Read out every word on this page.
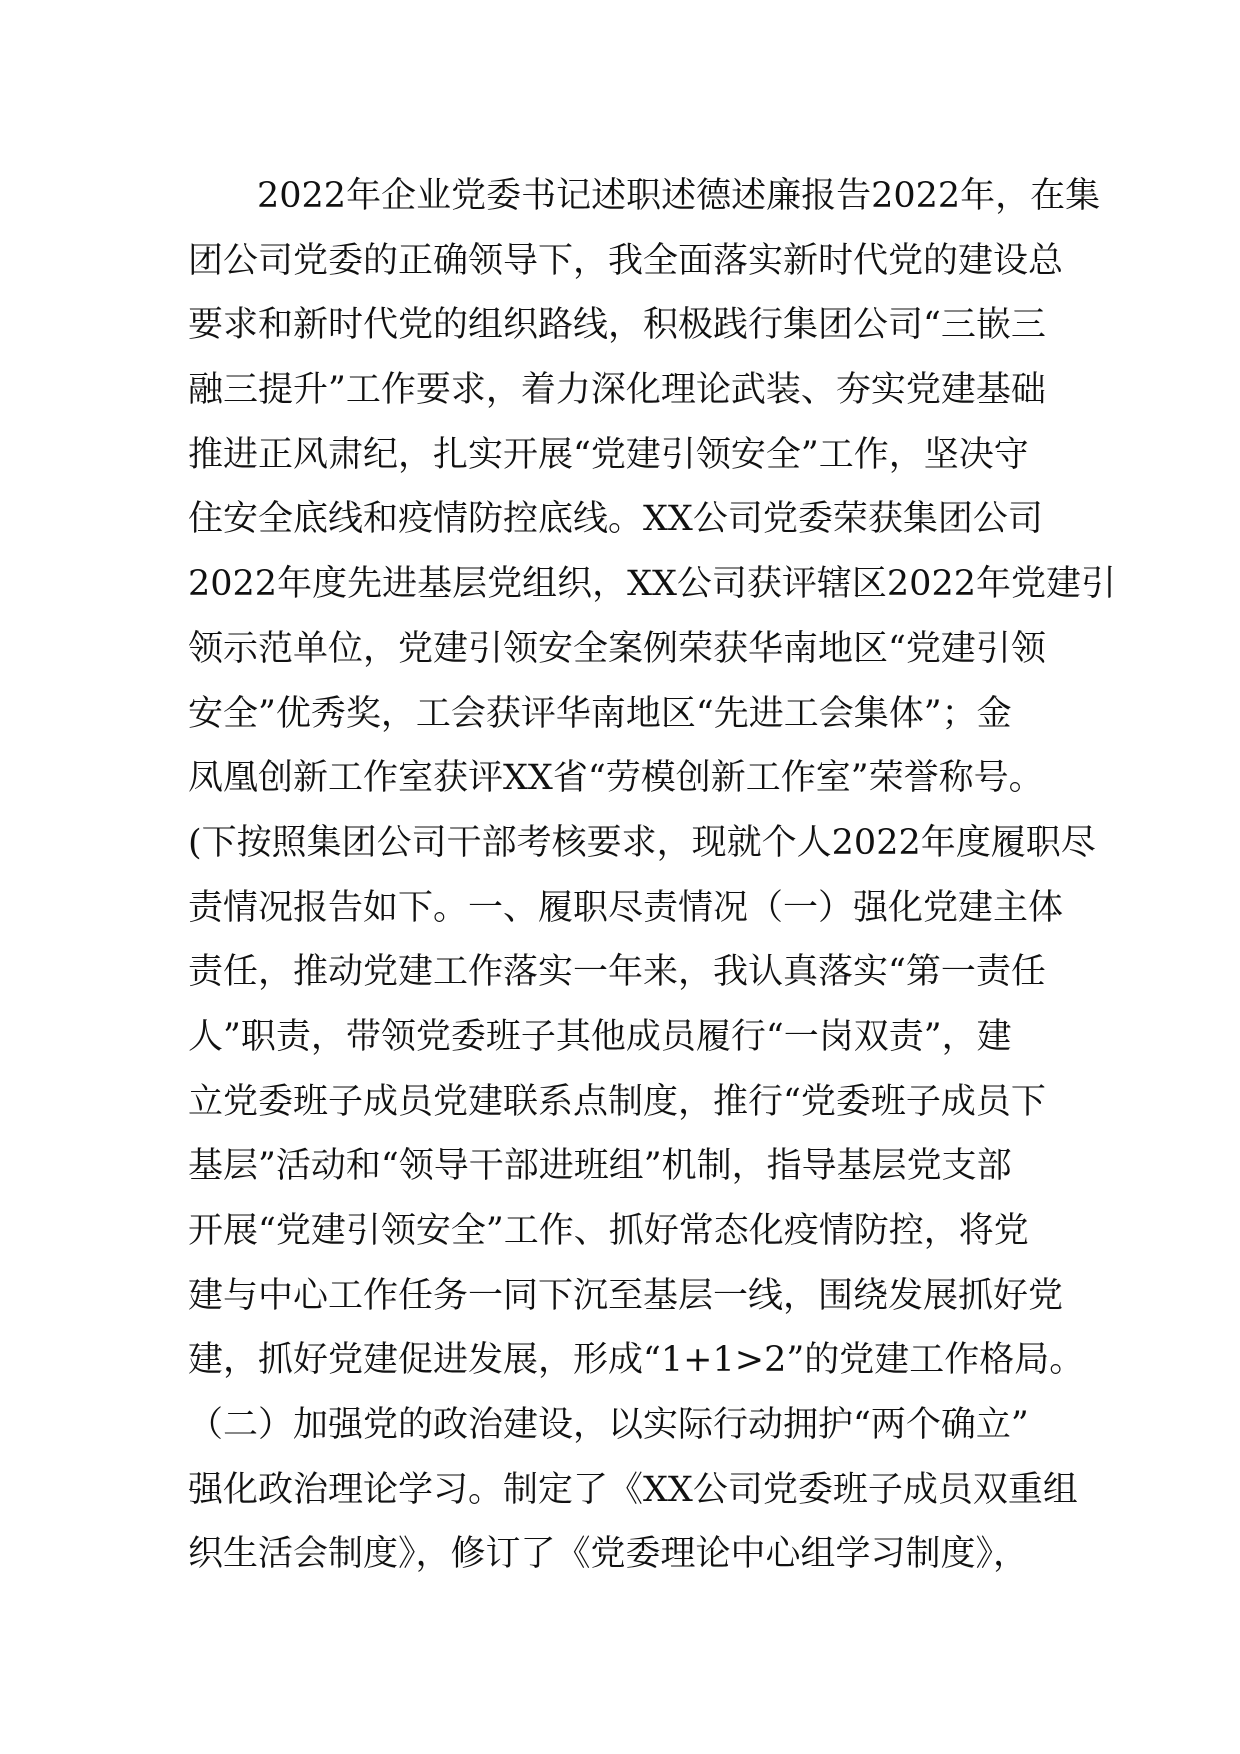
2022年企业党委书记述职述德述廉报告2022年，在集
团公司党委的正确领导下，我全面落实新时代党的建设总
要求和新时代党的组织路线，积极践行集团公司“三嵌三
融三提升”工作要求，着力深化理论武装、夯实党建基础
推进正风肃纪，扎实开展“党建引领安全”工作，坚决守
住安全底线和疫情防控底线。XX公司党委荣获集团公司
2022年度先进基层党组织，XX公司获评辖区2022年党建引
领示范单位，党建引领安全案例荣获华南地区“党建引领
安全”优秀奖，工会获评华南地区“先进工会集体”；金
凤凰创新工作室获评XX省“劳模创新工作室”荣誉称号。
(下按照集团公司干部考核要求，现就个人2022年度履职尽
责情况报告如下。一、履职尽责情况（一）强化党建主体
责任，推动党建工作落实一年来，我认真落实“第一责任
人”职责，带领党委班子其他成员履行“一岗双责”，建
立党委班子成员党建联系点制度，推行“党委班子成员下
基层”活动和“领导干部进班组”机制，指导基层党支部
开展“党建引领安全”工作、抓好常态化疫情防控，将党
建与中心工作任务一同下沉至基层一线，围绕发展抓好党
建，抓好党建促进发展，形成“1+1>2”的党建工作格局。
（二）加强党的政治建设，以实际行动拥护“两个确立”
强化政治理论学习。制定了《XX公司党委班子成员双重组
织生活会制度》，修订了《党委理论中心组学习制度》，
